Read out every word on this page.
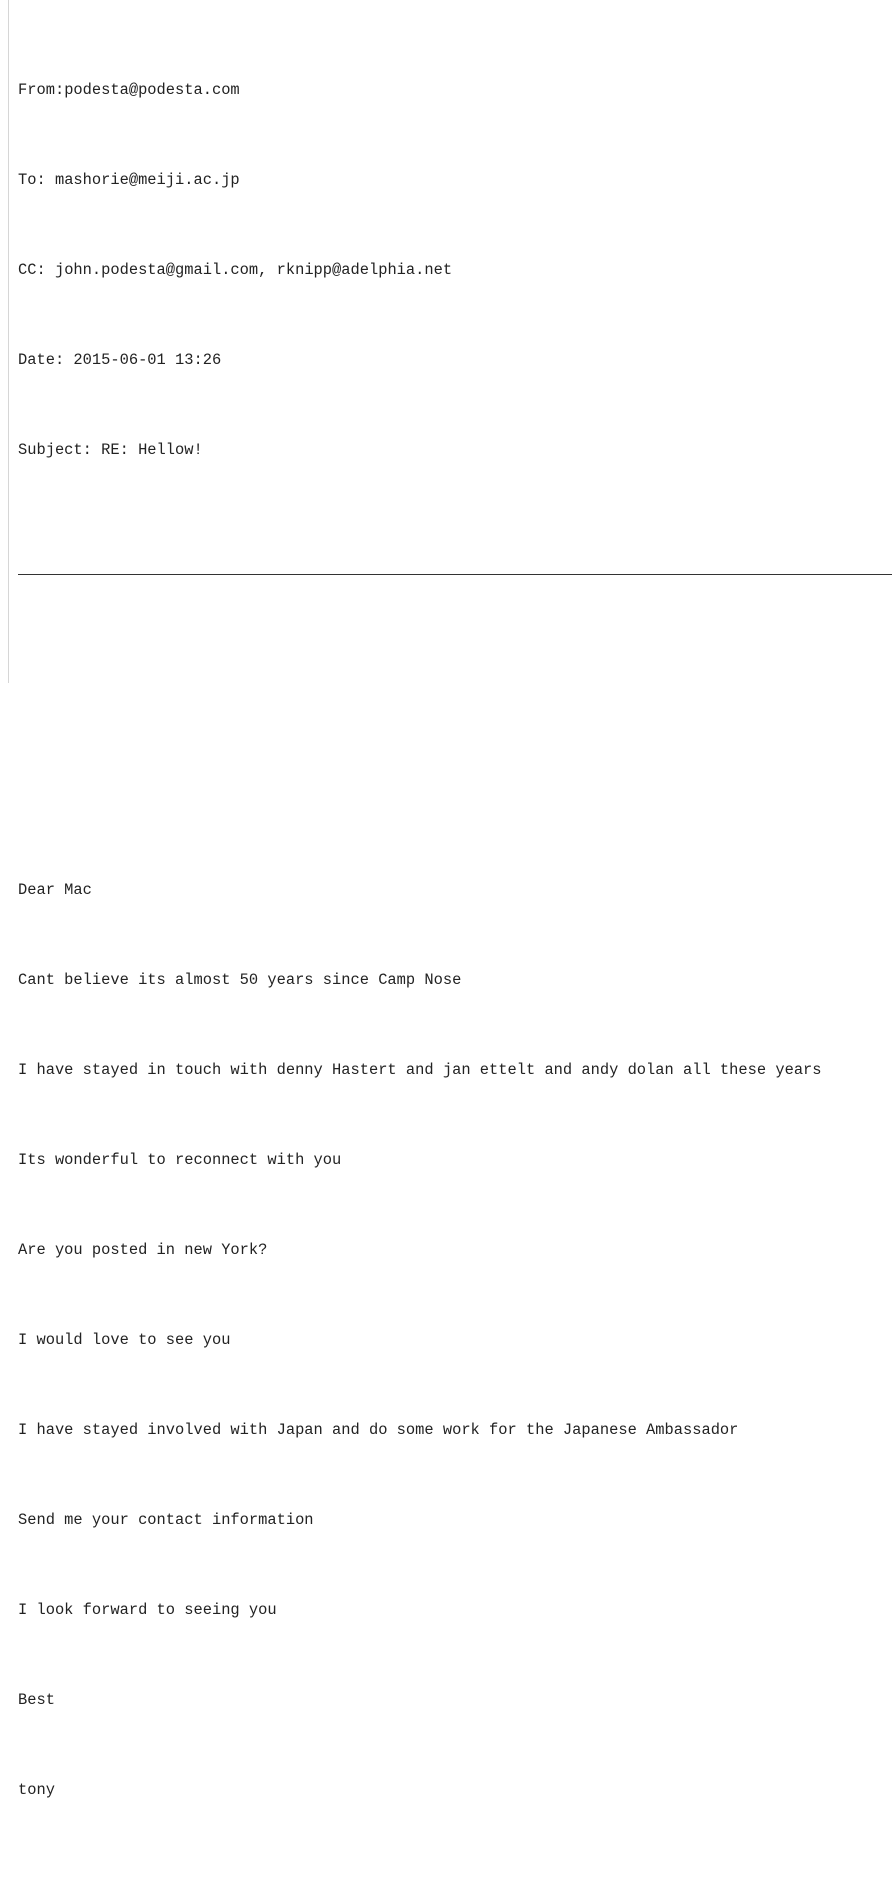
From:podesta@podesta.com

To: mashorie@meiji.ac.jp

CC: john.podesta@gmail.com, rknipp@adelphia.net

Date: 2015-06-01 13:26

Subject: RE: Hellow!

Dear Mac

Cant believe its almost 50 years since Camp Nose

I have stayed in touch with denny Hastert and jan ettelt and andy dolan all these years

Its wonderful to reconnect with you

Are you posted in new York?

I would love to see you

I have stayed involved with Japan and do some work for the Japanese Ambassador

Send me your contact information

I look forward to seeing you

Best

tony
